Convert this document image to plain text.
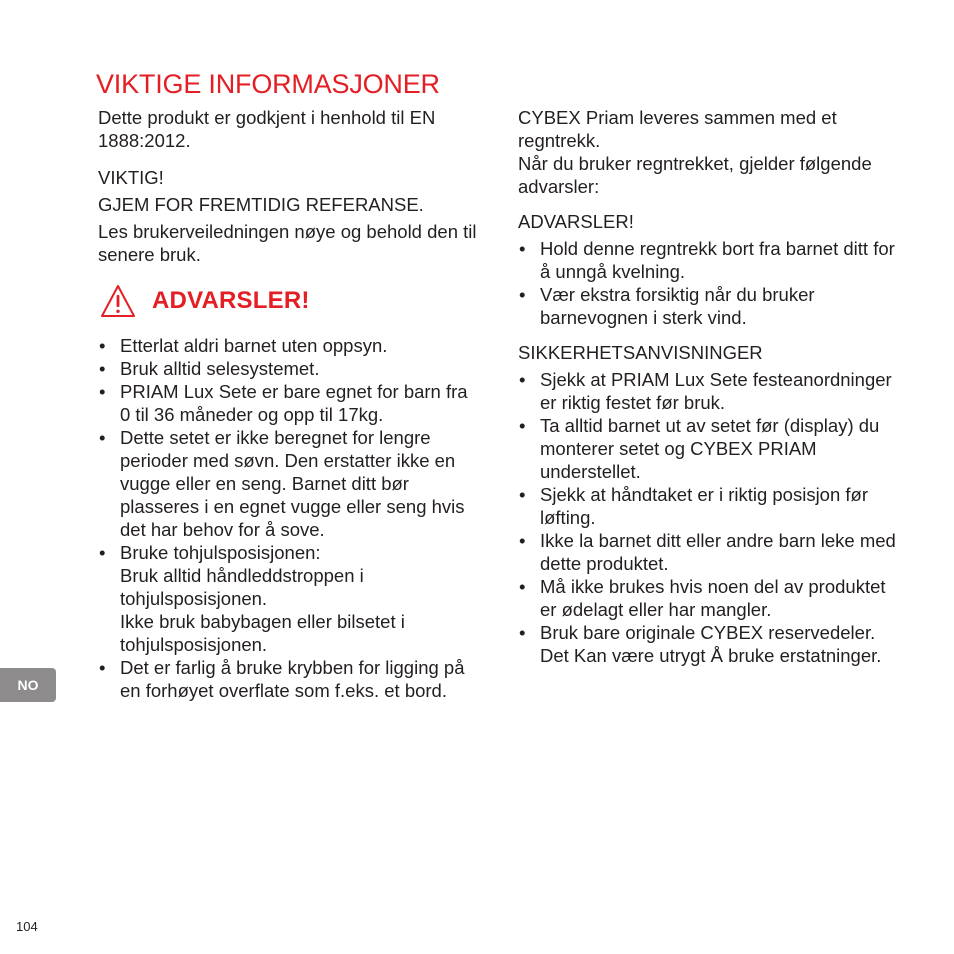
VIKTIGE INFORMASJONER

Dette produkt er godkjent i henhold til EN 1888:2012.

VIKTIG!

GJEM FOR FREMTIDIG REFERANSE.

Les brukerveiledningen nøye og behold den til senere bruk.

ADVARSLER!
• Etterlat aldri barnet uten oppsyn.
• Bruk alltid selesystemet.
• PRIAM Lux Sete er bare egnet for barn fra 0 til 36 måneder og opp til 17kg.
• Dette setet er ikke beregnet for lengre perioder med søvn. Den erstatter ikke en vugge eller en seng. Barnet ditt bør plasseres i en egnet vugge eller seng hvis det har behov for å sove.
• Bruke tohjulsposisjonen:
Bruk alltid håndleddstroppen i tohjulsposisjonen.
Ikke bruk babybagen eller bilsetet i tohjulsposisjonen.
• Det er farlig å bruke krybben for ligging på en forhøyet overflate som f.eks. et bord.

CYBEX Priam leveres sammen med et regntrekk.

Når du bruker regntrekket, gjelder følgende advarsler:

ADVARSLER!

• Hold denne regntrekk bort fra barnet ditt for å unngå kvelning.
• Vær ekstra forsiktig når du bruker barnevognen i sterk vind.

SIKKERHETSANVISNINGER

• Sjekk at PRIAM Lux Sete festeanordninger er riktig festet før bruk.
• Ta alltid barnet ut av setet før (display) du monterer setet og CYBEX PRIAM understellet.
• Sjekk at håndtaket er i riktig posisjon før løfting.
• Ikke la barnet ditt eller andre barn leke med dette produktet.
• Må ikke brukes hvis noen del av produktet er ødelagt eller har mangler.
• Bruk bare originale CYBEX reservedeler. Det Kan være utrygt Å bruke erstatninger.
NO
104
